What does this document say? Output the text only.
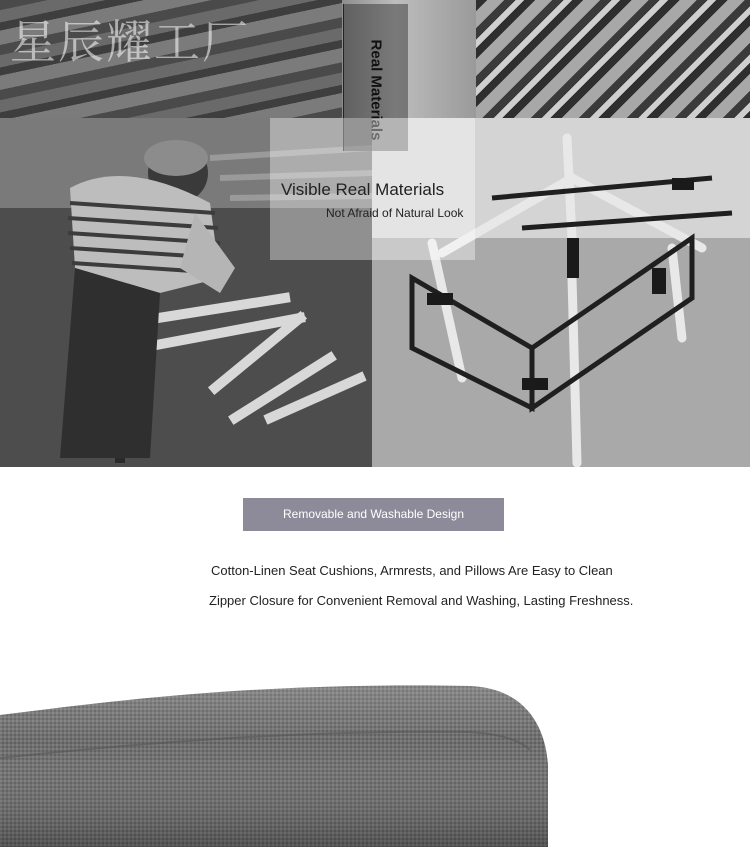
星辰耀工厂	Real Materials
Visible Real Materials
Not Afraid of Natural Look
Removable and Washable Design
Cotton-Linen Seat Cushions, Armrests, and Pillows Are Easy to Clean
Zipper Closure for Convenient Removal and Washing, Lasting Freshness.
